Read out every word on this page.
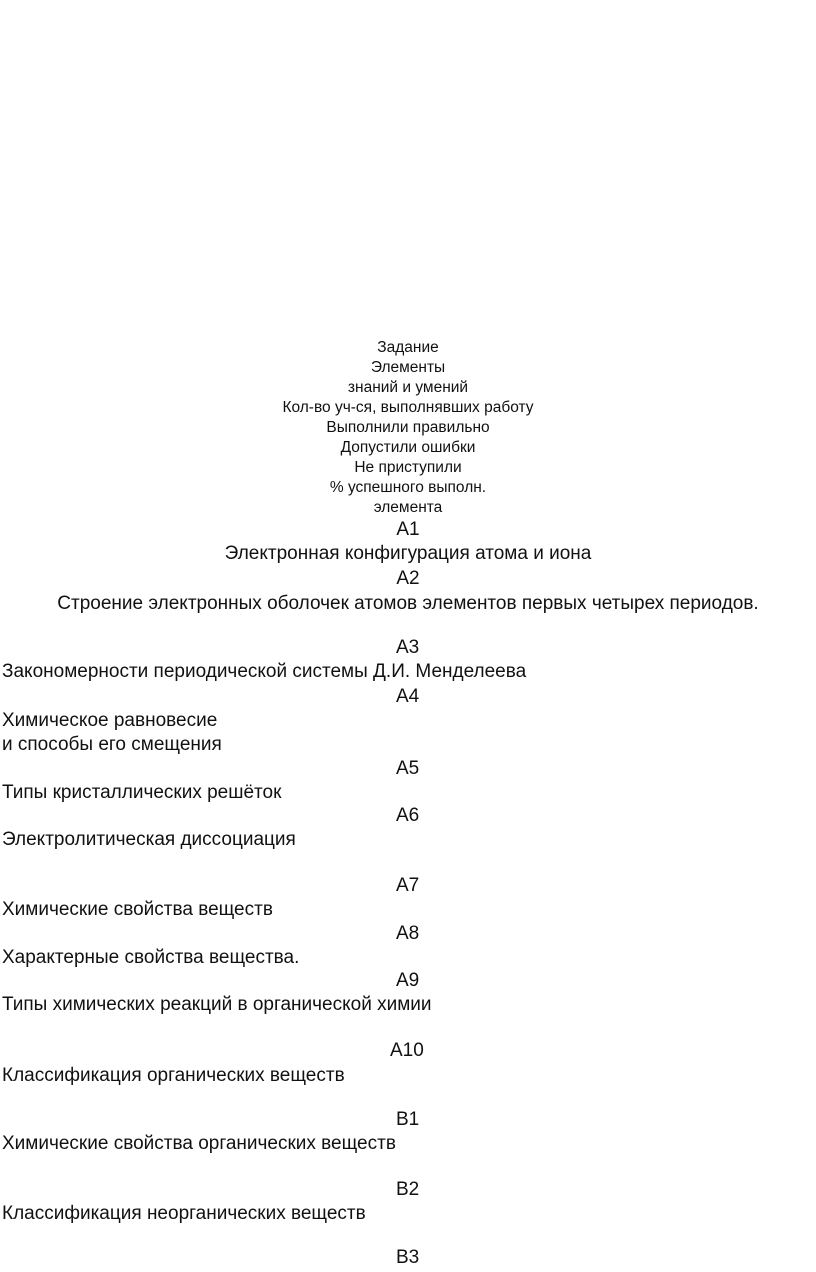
Задание
Элементы
знаний и умений
Кол-во уч-ся, выполнявших работу
Выполнили правильно
Допустили ошибки
Не приступили
% успешного выполн.
элемента
А1
Электронная конфигурация атома и иона
А2
Строение электронных оболочек атомов элементов первых четырех периодов.
А3
Закономерности периодической системы Д.И. Менделеева
А4
Химическое равновесие
и способы его смещения
А5
Типы кристаллических решёток
А6
Электролитическая диссоциация
А7
Химические свойства веществ
А8
Характерные свойства вещества.
А9
Типы химических реакций в органической химии
А10
Классификация органических веществ
В1
Химические свойства органических веществ
В2
Классификация неорганических веществ
В3
